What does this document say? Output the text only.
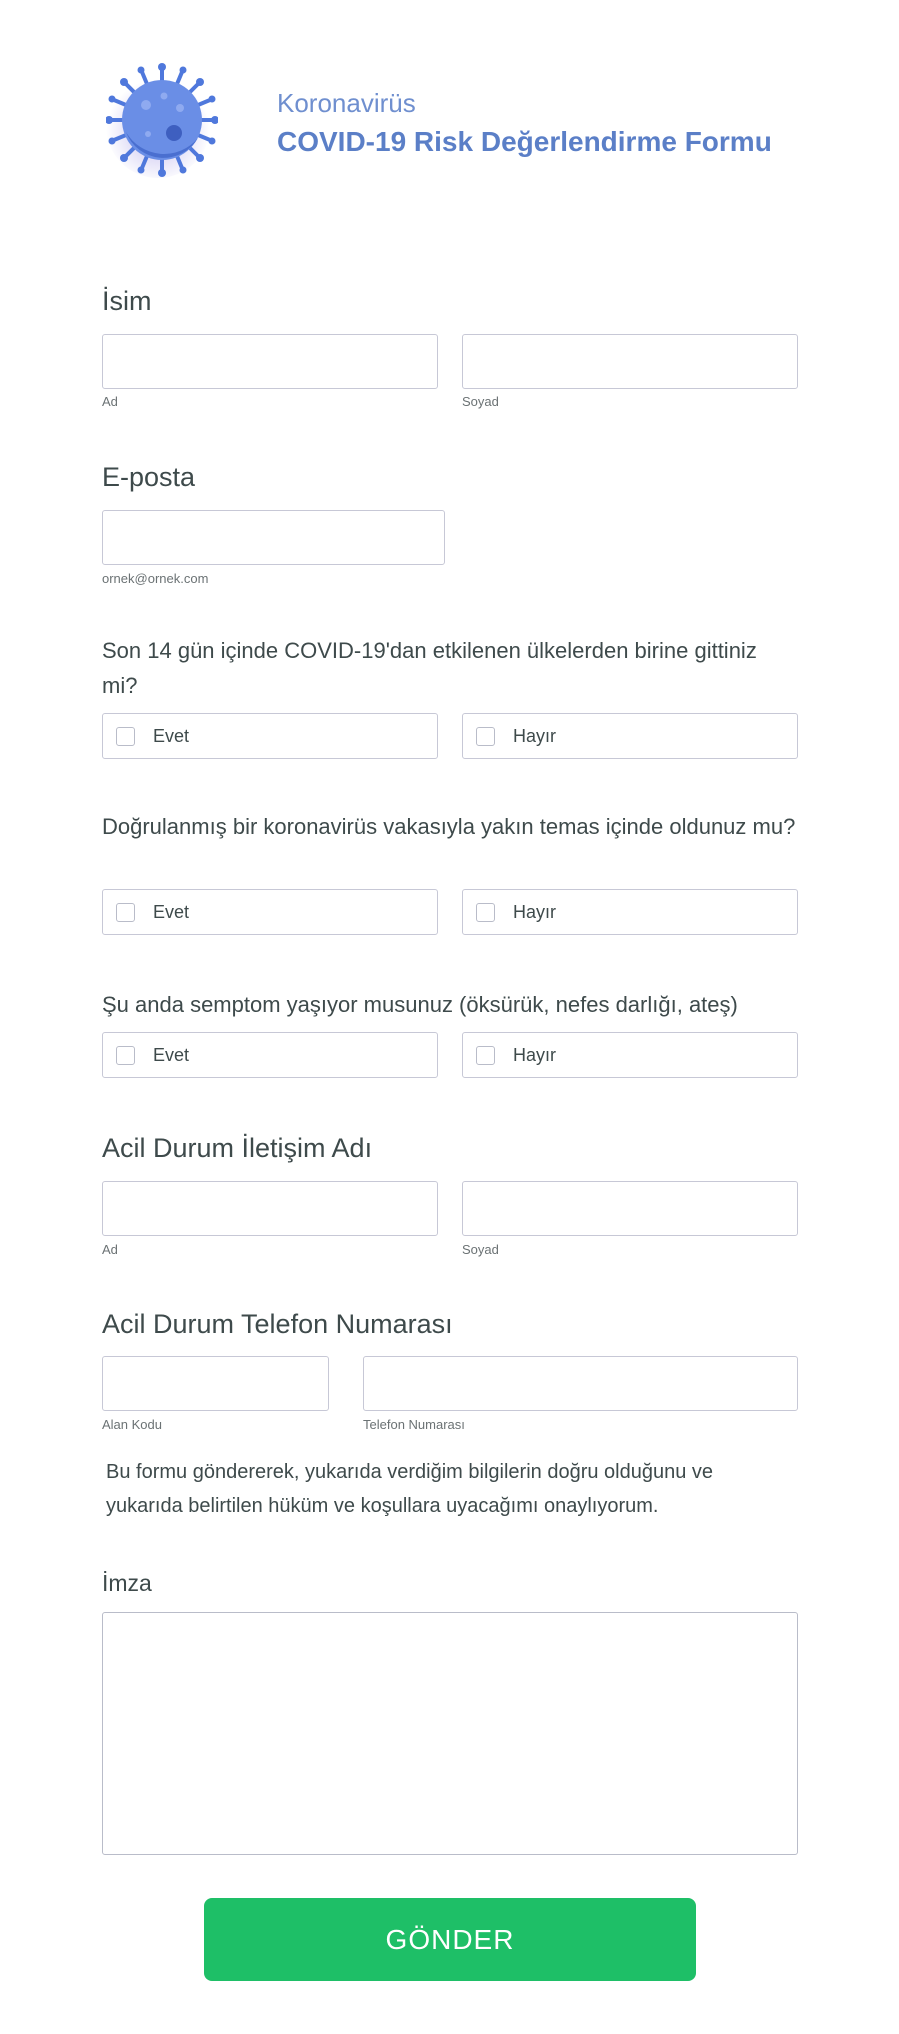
Koronavirüs
COVID-19 Risk Değerlendirme Formu
İsim
Ad	Soyad
E-posta
ornek@ornek.com
Son 14 gün içinde COVID-19'dan etkilenen ülkelerden birine gittiniz mi?
Evet	Hayır
Doğrulanmış bir koronavirüs vakasıyla yakın temas içinde oldunuz mu?
Evet	Hayır
Şu anda semptom yaşıyor musunuz (öksürük, nefes darlığı, ateş)
Evet	Hayır
Acil Durum İletişim Adı
Ad	Soyad
Acil Durum Telefon Numarası
Alan Kodu	Telefon Numarası
Bu formu göndererek, yukarıda verdiğim bilgilerin doğru olduğunu ve yukarıda belirtilen hüküm ve koşullara uyacağımı onaylıyorum.
İmza
GÖNDER
